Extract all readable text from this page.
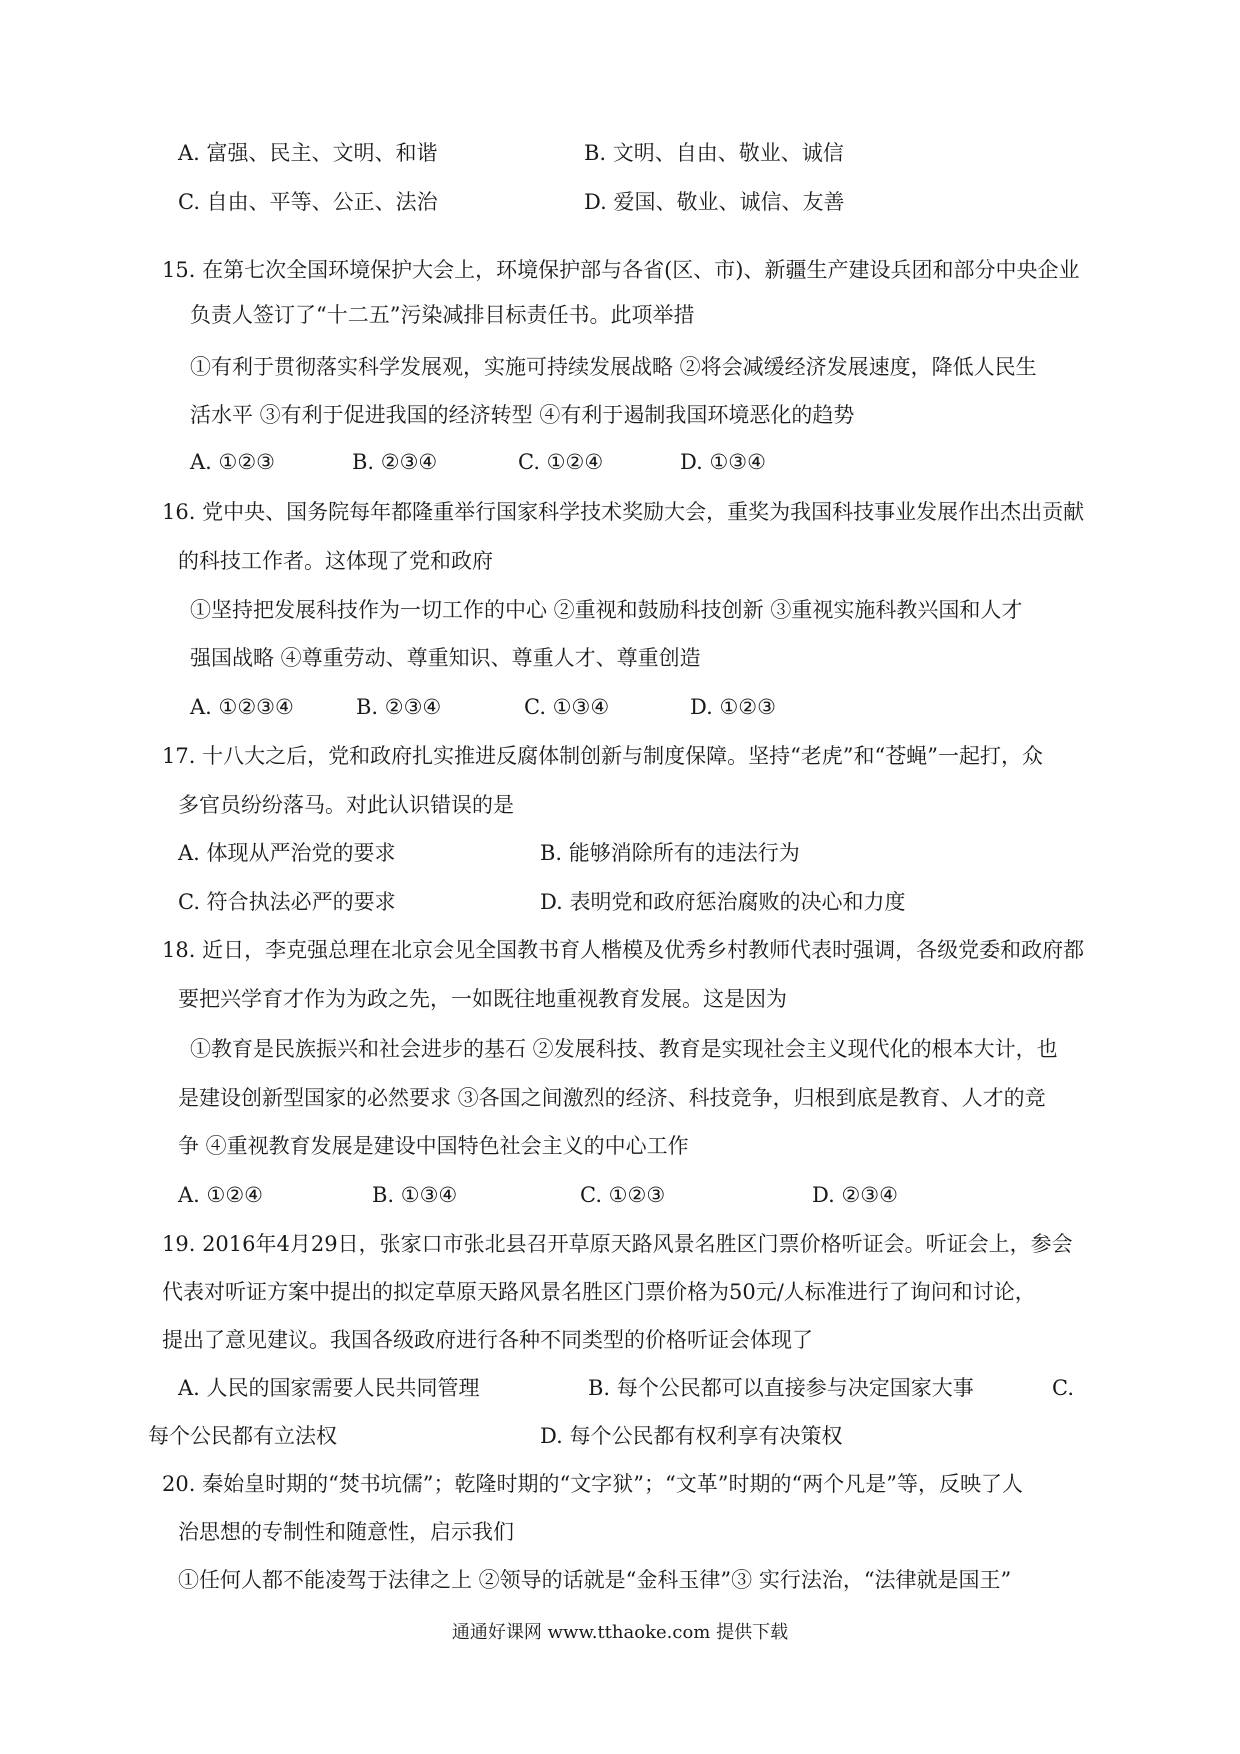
A. 富强、民主、文明、和谐	B. 文明、自由、敬业、诚信
C. 自由、平等、公正、法治	D. 爱国、敬业、诚信、友善
15. 在第七次全国环境保护大会上，环境保护部与各省(区、市)、新疆生产建设兵团和部分中央企业
负责人签订了“十二五”污染减排目标责任书。此项举措
①有利于贯彻落实科学发展观，实施可持续发展战略 ②将会减缓经济发展速度，降低人民生
活水平 ③有利于促进我国的经济转型 ④有利于遏制我国环境恶化的趋势
A. ①②③	B. ②③④	C. ①②④	D. ①③④
16. 党中央、国务院每年都隆重举行国家科学技术奖励大会，重奖为我国科技事业发展作出杰出贡献
的科技工作者。这体现了党和政府
①坚持把发展科技作为一切工作的中心 ②重视和鼓励科技创新 ③重视实施科教兴国和人才
强国战略 ④尊重劳动、尊重知识、尊重人才、尊重创造
A. ①②③④	B. ②③④	C. ①③④	D. ①②③
17. 十八大之后，党和政府扎实推进反腐体制创新与制度保障。坚持“老虎”和“苍蝇”一起打，众
多官员纷纷落马。对此认识错误的是
A. 体现从严治党的要求	B. 能够消除所有的违法行为
C. 符合执法必严的要求	D. 表明党和政府惩治腐败的决心和力度
18. 近日，李克强总理在北京会见全国教书育人楷模及优秀乡村教师代表时强调，各级党委和政府都
要把兴学育才作为为政之先，一如既往地重视教育发展。这是因为
①教育是民族振兴和社会进步的基石 ②发展科技、教育是实现社会主义现代化的根本大计，也
是建设创新型国家的必然要求 ③各国之间激烈的经济、科技竞争，归根到底是教育、人才的竞
争 ④重视教育发展是建设中国特色社会主义的中心工作
A. ①②④	B. ①③④	C. ①②③	D. ②③④
19. 2016年4月29日，张家口市张北县召开草原天路风景名胜区门票价格听证会。听证会上，参会
代表对听证方案中提出的拟定草原天路风景名胜区门票价格为50元/人标准进行了询问和讨论，
提出了意见建议。我国各级政府进行各种不同类型的价格听证会体现了
A. 人民的国家需要人民共同管理	B. 每个公民都可以直接参与决定国家大事	C.
每个公民都有立法权	D. 每个公民都有权利享有决策权
20. 秦始皇时期的“焚书坑儒”；乾隆时期的“文字狱”；“文革”时期的“两个凡是”等，反映了人
治思想的专制性和随意性，启示我们
①任何人都不能凌驾于法律之上 ②领导的话就是“金科玉律”③ 实行法治，“法律就是国王”
通通好课网 www.tthaoke.com 提供下载
